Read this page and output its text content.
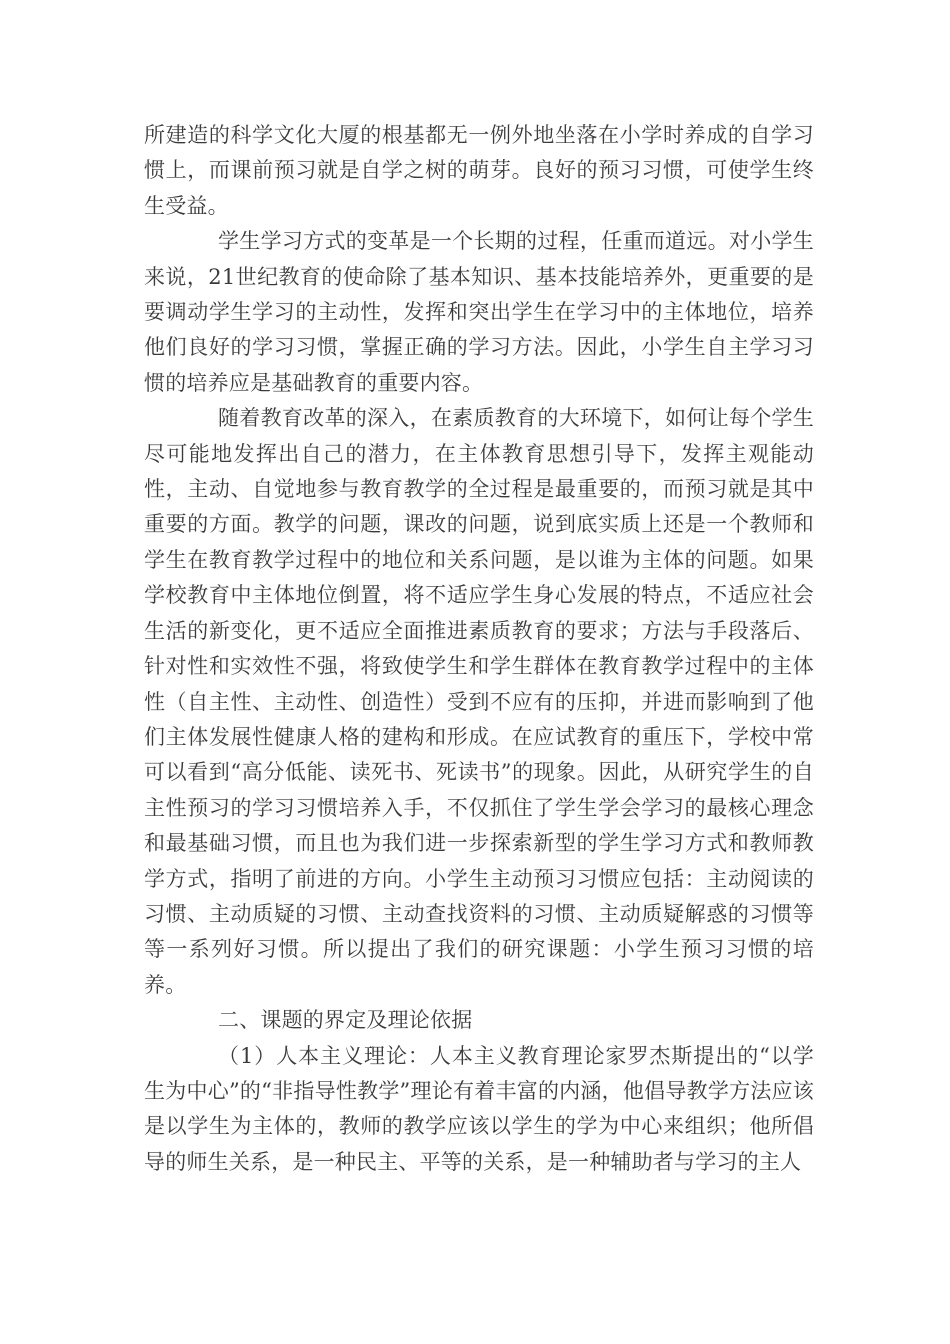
所建造的科学文化大厦的根基都无一例外地坐落在小学时养成的自学习惯上，而课前预习就是自学之树的萌芽。良好的预习习惯，可使学生终生受益。

学生学习方式的变革是一个长期的过程，任重而道远。对小学生来说，21世纪教育的使命除了基本知识、基本技能培养外，更重要的是要调动学生学习的主动性，发挥和突出学生在学习中的主体地位，培养他们良好的学习习惯，掌握正确的学习方法。因此，小学生自主学习习惯的培养应是基础教育的重要内容。

随着教育改革的深入，在素质教育的大环境下，如何让每个学生尽可能地发挥出自己的潜力，在主体教育思想引导下，发挥主观能动性，主动、自觉地参与教育教学的全过程是最重要的，而预习就是其中重要的方面。教学的问题，课改的问题，说到底实质上还是一个教师和学生在教育教学过程中的地位和关系问题，是以谁为主体的问题。如果学校教育中主体地位倒置，将不适应学生身心发展的特点，不适应社会生活的新变化，更不适应全面推进素质教育的要求；方法与手段落后、针对性和实效性不强，将致使学生和学生群体在教育教学过程中的主体性（自主性、主动性、创造性）受到不应有的压抑，并进而影响到了他们主体发展性健康人格的建构和形成。在应试教育的重压下，学校中常可以看到“高分低能、读死书、死读书”的现象。因此，从研究学生的自主性预习的学习习惯培养入手，不仅抓住了学生学会学习的最核心理念和最基础习惯，而且也为我们进一步探索新型的学生学习方式和教师教学方式，指明了前进的方向。小学生主动预习习惯应包括：主动阅读的习惯、主动质疑的习惯、主动查找资料的习惯、主动质疑解惑的习惯等等一系列好习惯。所以提出了我们的研究课题：小学生预习习惯的培养。

二、课题的界定及理论依据

（1）人本主义理论：人本主义教育理论家罗杰斯提出的“以学生为中心”的“非指导性教学”理论有着丰富的内涵，他倡导教学方法应该是以学生为主体的，教师的教学应该以学生的学为中心来组织；他所倡导的师生关系，是一种民主、平等的关系，是一种辅助者与学习的主人
